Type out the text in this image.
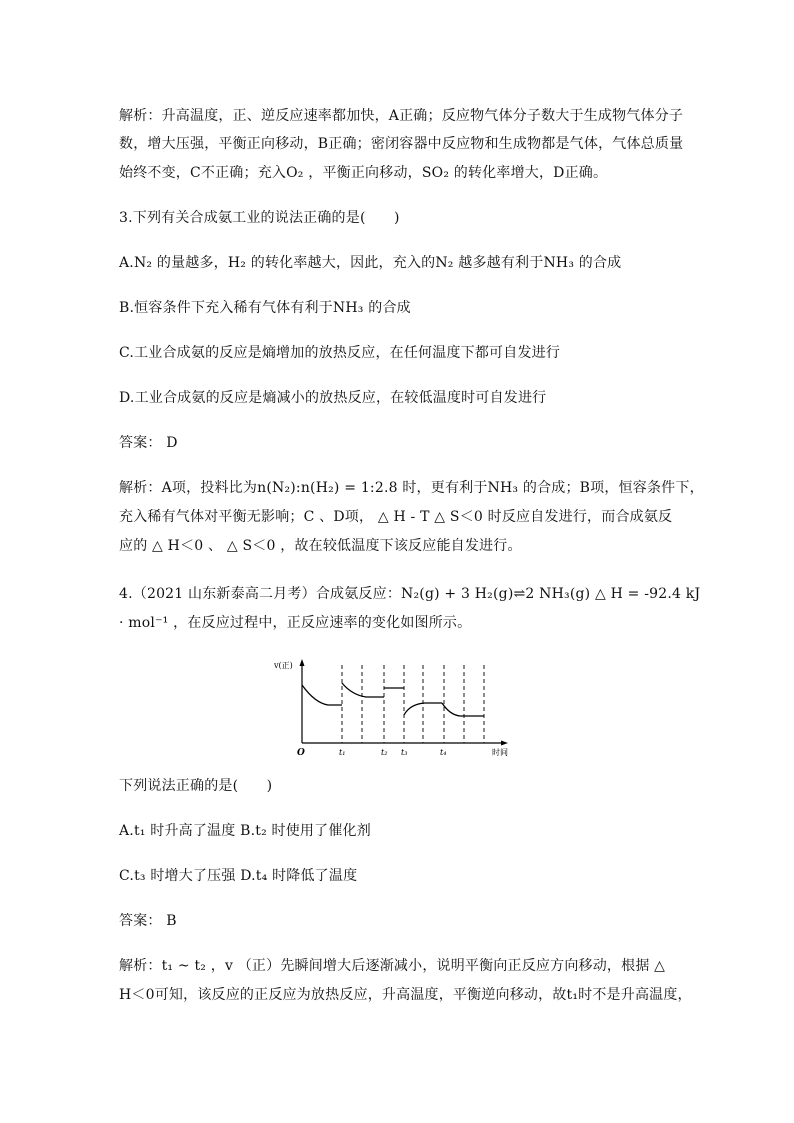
解析：升高温度，正、逆反应速率都加快，A正确；反应物气体分子数大于生成物气体分子
数，增大压强，平衡正向移动，B正确；密闭容器中反应物和生成物都是气体，气体总质量
始终不变，C不正确；充入O₂ ，平衡正向移动，SO₂ 的转化率增大，D正确。
3.下列有关合成氨工业的说法正确的是(　　)
A.N₂ 的量越多，H₂ 的转化率越大，因此，充入的N₂ 越多越有利于NH₃ 的合成
B.恒容条件下充入稀有气体有利于NH₃ 的合成
C.工业合成氨的反应是熵增加的放热反应，在任何温度下都可自发进行
D.工业合成氨的反应是熵减小的放热反应，在较低温度时可自发进行
答案： D
解析：A项，投料比为n(N₂):n(H₂) = 1:2.8 时，更有利于NH₃ 的合成；B项，恒容条件下，
充入稀有气体对平衡无影响；C 、D项， △ H - T △ S＜0 时反应自发进行，而合成氨反
应的 △ H＜0 、 △ S＜0 ，故在较低温度下该反应能自发进行。
4.（2021 山东新泰高二月考）合成氨反应：N₂(g) + 3 H₂(g)⇌2 NH₃(g) △ H = -92.4 kJ
· mol⁻¹ ，在反应过程中，正反应速率的变化如图所示。
v(正)
O	t₁	t₂ t₃	t₄	时间
下列说法正确的是(　　)
A.t₁ 时升高了温度 B.t₂ 时使用了催化剂
C.t₃ 时增大了压强 D.t₄ 时降低了温度
答案： B
解析：t₁ ~ t₂ ，v （正）先瞬间增大后逐渐减小，说明平衡向正反应方向移动，根据 △
H＜0可知，该反应的正反应为放热反应，升高温度，平衡逆向移动，故t₁时不是升高温度，
